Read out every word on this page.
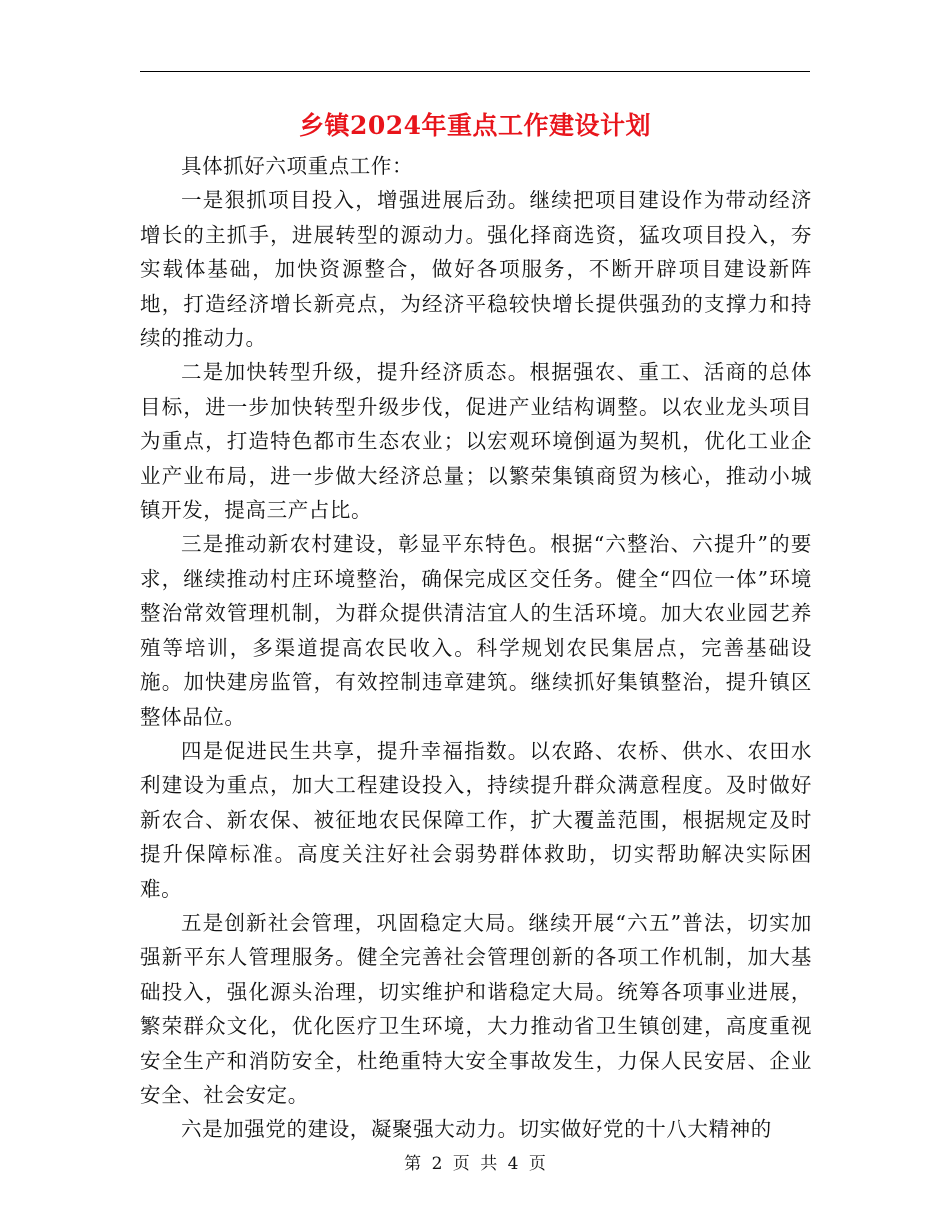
乡镇2024年重点工作建设计划

具体抓好六项重点工作：

一是狠抓项目投入，增强进展后劲。继续把项目建设作为带动经济增长的主抓手，进展转型的源动力。强化择商选资，猛攻项目投入，夯实载体基础，加快资源整合，做好各项服务，不断开辟项目建设新阵地，打造经济增长新亮点，为经济平稳较快增长提供强劲的支撑力和持续的推动力。

二是加快转型升级，提升经济质态。根据强农、重工、活商的总体目标，进一步加快转型升级步伐，促进产业结构调整。以农业龙头项目为重点，打造特色都市生态农业；以宏观环境倒逼为契机，优化工业企业产业布局，进一步做大经济总量；以繁荣集镇商贸为核心，推动小城镇开发，提高三产占比。

三是推动新农村建设，彰显平东特色。根据“六整治、六提升”的要求，继续推动村庄环境整治，确保完成区交任务。健全“四位一体”环境整治常效管理机制，为群众提供清洁宜人的生活环境。加大农业园艺养殖等培训，多渠道提高农民收入。科学规划农民集居点，完善基础设施。加快建房监管，有效控制违章建筑。继续抓好集镇整治，提升镇区整体品位。

四是促进民生共享，提升幸福指数。以农路、农桥、供水、农田水利建设为重点，加大工程建设投入，持续提升群众满意程度。及时做好新农合、新农保、被征地农民保障工作，扩大覆盖范围，根据规定及时提升保障标准。高度关注好社会弱势群体救助，切实帮助解决实际困难。

五是创新社会管理，巩固稳定大局。继续开展“六五”普法，切实加强新平东人管理服务。健全完善社会管理创新的各项工作机制，加大基础投入，强化源头治理，切实维护和谐稳定大局。统筹各项事业进展，繁荣群众文化，优化医疗卫生环境，大力推动省卫生镇创建，高度重视安全生产和消防安全，杜绝重特大安全事故发生，力保人民安居、企业安全、社会安定。

六是加强党的建设，凝聚强大动力。切实做好党的十八大精神的

第 2 页 共 4 页
